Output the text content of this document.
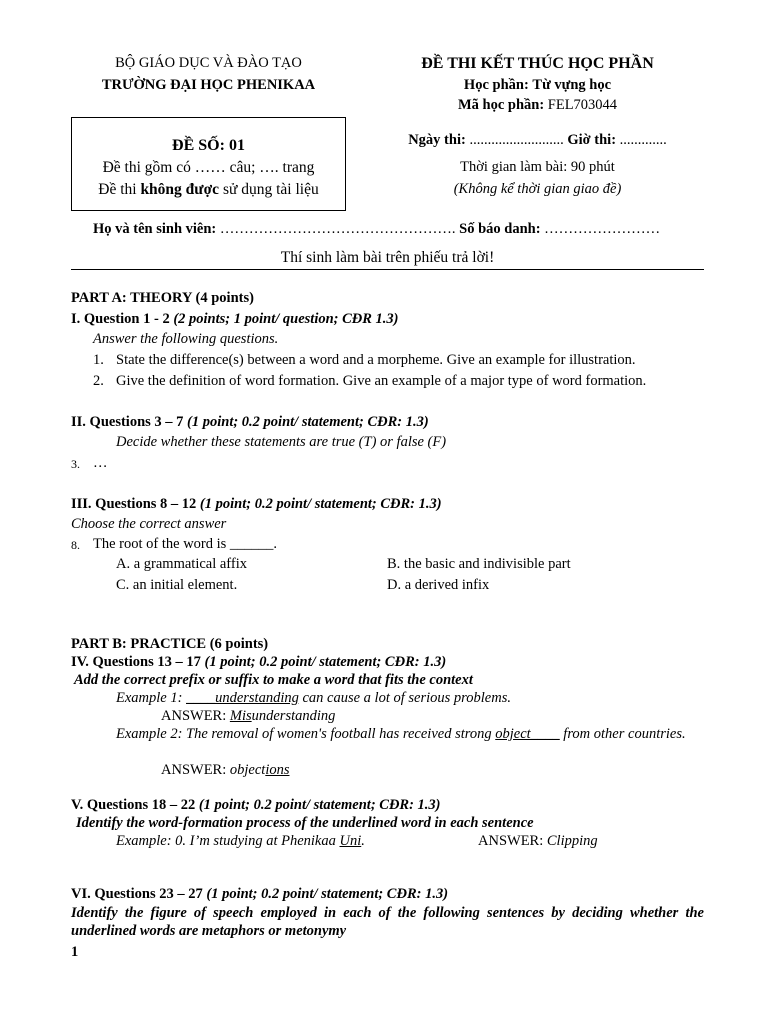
BỘ GIÁO DỤC VÀ ĐÀO TẠO
TRƯỜNG ĐẠI HỌC PHENIKAA
ĐỀ THI KẾT THÚC HỌC PHẦN
Học phần: Từ vựng học
Mã học phần: FEL703044
ĐỀ SỐ: 01
Đề thi gồm có …… câu; …. trang
Đề thi không được sử dụng tài liệu
Ngày thi: .......................... Giờ thi: .............
Thời gian làm bài: 90 phút
(Không kể thời gian giao đề)
Họ và tên sinh viên: …………………………………………. Số báo danh: ……………………
Thí sinh làm bài trên phiếu trả lời!
PART A: THEORY (4 points)
I. Question 1 - 2 (2 points; 1 point/ question; CĐR 1.3)
Answer the following questions.
1. State the difference(s) between a word and a morpheme. Give an example for illustration.
2. Give the definition of word formation. Give an example of a major type of word formation.
II. Questions 3 – 7 (1 point; 0.2 point/ statement; CĐR: 1.3)
Decide whether these statements are true (T) or false (F)
3. …
III. Questions 8 – 12 (1 point; 0.2 point/ statement; CĐR: 1.3)
Choose the correct answer
8. The root of the word is ______.
A. a grammatical affix	B. the basic and indivisible part
C. an initial element.	D. a derived infix
PART B: PRACTICE (6 points)
IV. Questions 13 – 17 (1 point; 0.2 point/ statement; CĐR: 1.3)
Add the correct prefix or suffix to make a word that fits the context
Example 1: ____understanding can cause a lot of serious problems.
ANSWER: Misunderstanding
Example 2: The removal of women's football has received strong object____ from other countries.
ANSWER: objections
V. Questions 18 – 22 (1 point; 0.2 point/ statement; CĐR: 1.3)
Identify the word-formation process of the underlined word in each sentence
Example: 0. I’m studying at Phenikaa Uni.	ANSWER: Clipping
VI. Questions 23 – 27 (1 point; 0.2 point/ statement; CĐR: 1.3)
Identify the figure of speech employed in each of the following sentences by deciding whether the underlined words are metaphors or metonymy
1
